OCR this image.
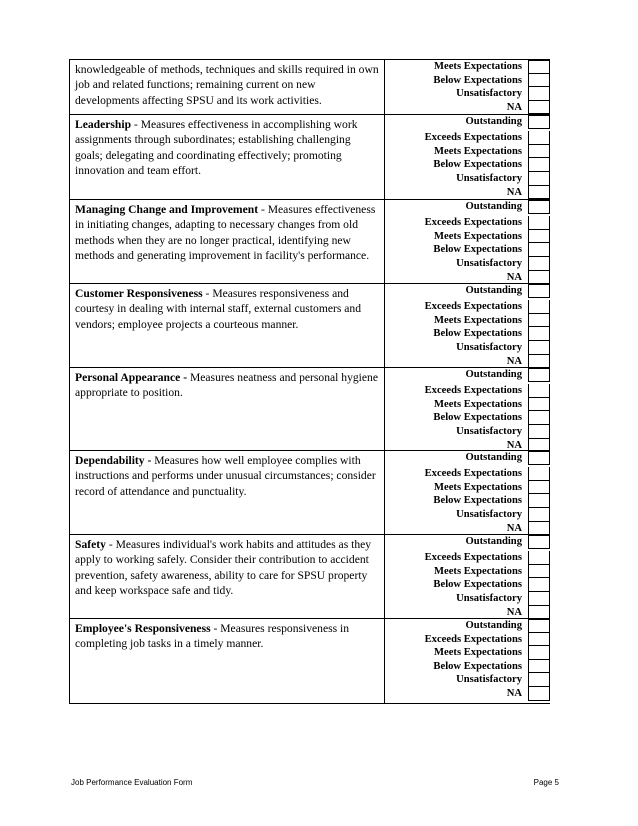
knowledgeable of methods, techniques and skills required in own job and related functions; remaining current on new developments affecting SPSU and its work activities.
Meets Expectations
Below Expectations
Unsatisfactory
NA
Leadership - Measures effectiveness in accomplishing work assignments through subordinates; establishing challenging goals; delegating and coordinating effectively; promoting innovation and team effort.
Outstanding
Exceeds Expectations
Meets Expectations
Below Expectations
Unsatisfactory
NA
Managing Change and Improvement - Measures effectiveness in initiating changes, adapting to necessary changes from old methods when they are no longer practical, identifying new methods and generating improvement in facility's performance.
Outstanding
Exceeds Expectations
Meets Expectations
Below Expectations
Unsatisfactory
NA
Customer Responsiveness - Measures responsiveness and courtesy in dealing with internal staff, external customers and vendors; employee projects a courteous manner.
Outstanding
Exceeds Expectations
Meets Expectations
Below Expectations
Unsatisfactory
NA
Personal Appearance - Measures neatness and personal hygiene appropriate to position.
Outstanding
Exceeds Expectations
Meets Expectations
Below Expectations
Unsatisfactory
NA
Dependability - Measures how well employee complies with instructions and performs under unusual circumstances; consider record of attendance and punctuality.
Outstanding
Exceeds Expectations
Meets Expectations
Below Expectations
Unsatisfactory
NA
Safety - Measures individual's work habits and attitudes as they apply to working safely. Consider their contribution to accident prevention, safety awareness, ability to care for SPSU property and keep workspace safe and tidy.
Outstanding
Exceeds Expectations
Meets Expectations
Below Expectations
Unsatisfactory
NA
Employee's Responsiveness - Measures responsiveness in completing job tasks in a timely manner.
Outstanding
Exceeds Expectations
Meets Expectations
Below Expectations
Unsatisfactory
NA
Job Performance Evaluation Form	Page 5
